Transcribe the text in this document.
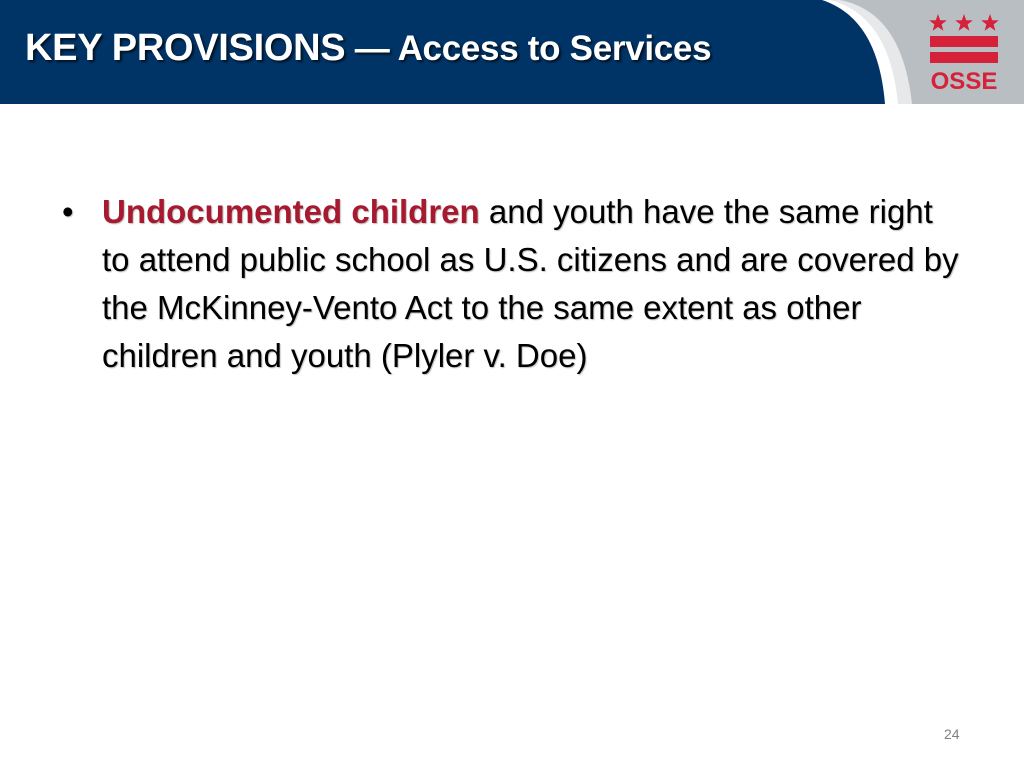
KEY PROVISIONS — Access to Services
OSSE
• Undocumented children and youth have the same right to attend public school as U.S. citizens and are covered by the McKinney-Vento Act to the same extent as other children and youth (Plyler v. Doe)
24
